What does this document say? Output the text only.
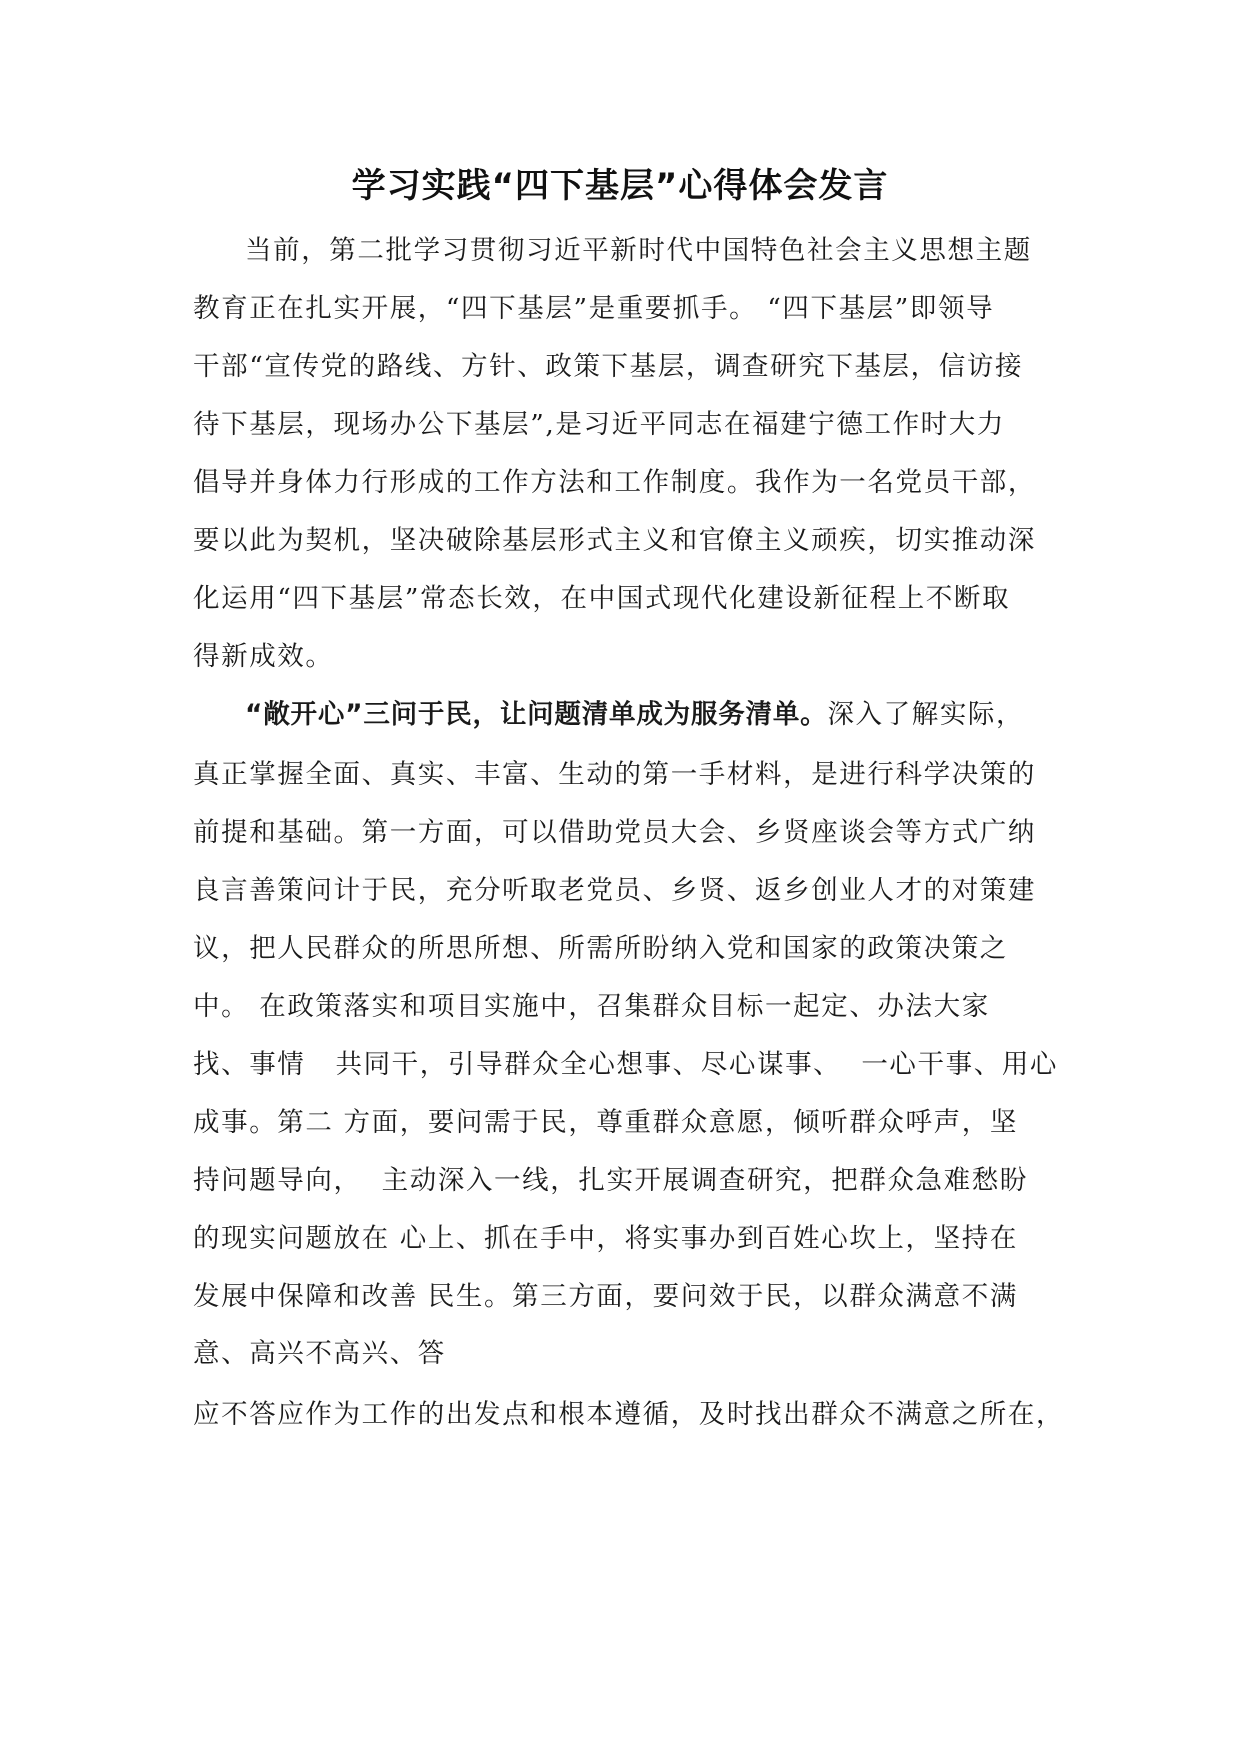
学习实践“四下基层”心得体会发言

当前，第二批学习贯彻习近平新时代中国特色社会主义思想主题

教育正在扎实开展，“四下基层”是重要抓手。 “四下基层”即领导

干部“宣传党的路线、方针、政策下基层，调查研究下基层，信访接

待下基层，现场办公下基层”,是习近平同志在福建宁德工作时大力

倡导并身体力行形成的工作方法和工作制度。我作为一名党员干部，

要以此为契机，坚决破除基层形式主义和官僚主义顽疾，切实推动深

化运用“四下基层”常态长效，在中国式现代化建设新征程上不断取

得新成效。

“敞开心”三问于民，让问题清单成为服务清单。深入了解实际，

真正掌握全面、真实、丰富、生动的第一手材料，是进行科学决策的

前提和基础。第一方面，可以借助党员大会、乡贤座谈会等方式广纳

良言善策问计于民，充分听取老党员、乡贤、返乡创业人才的对策建

议，把人民群众的所思所想、所需所盼纳入党和国家的政策决策之

中。 在政策落实和项目实施中，召集群众目标一起定、办法大家

找、事情   共同干，引导群众全心想事、尽心谋事、  一心干事、用心

成事。第二 方面，要问需于民，尊重群众意愿，倾听群众呼声，坚

持问题导向，  主动深入一线，扎实开展调查研究，把群众急难愁盼

的现实问题放在 心上、抓在手中，将实事办到百姓心坎上，坚持在

发展中保障和改善 民生。第三方面，要问效于民，以群众满意不满

意、高兴不高兴、答

应不答应作为工作的出发点和根本遵循，及时找出群众不满意之所在，
